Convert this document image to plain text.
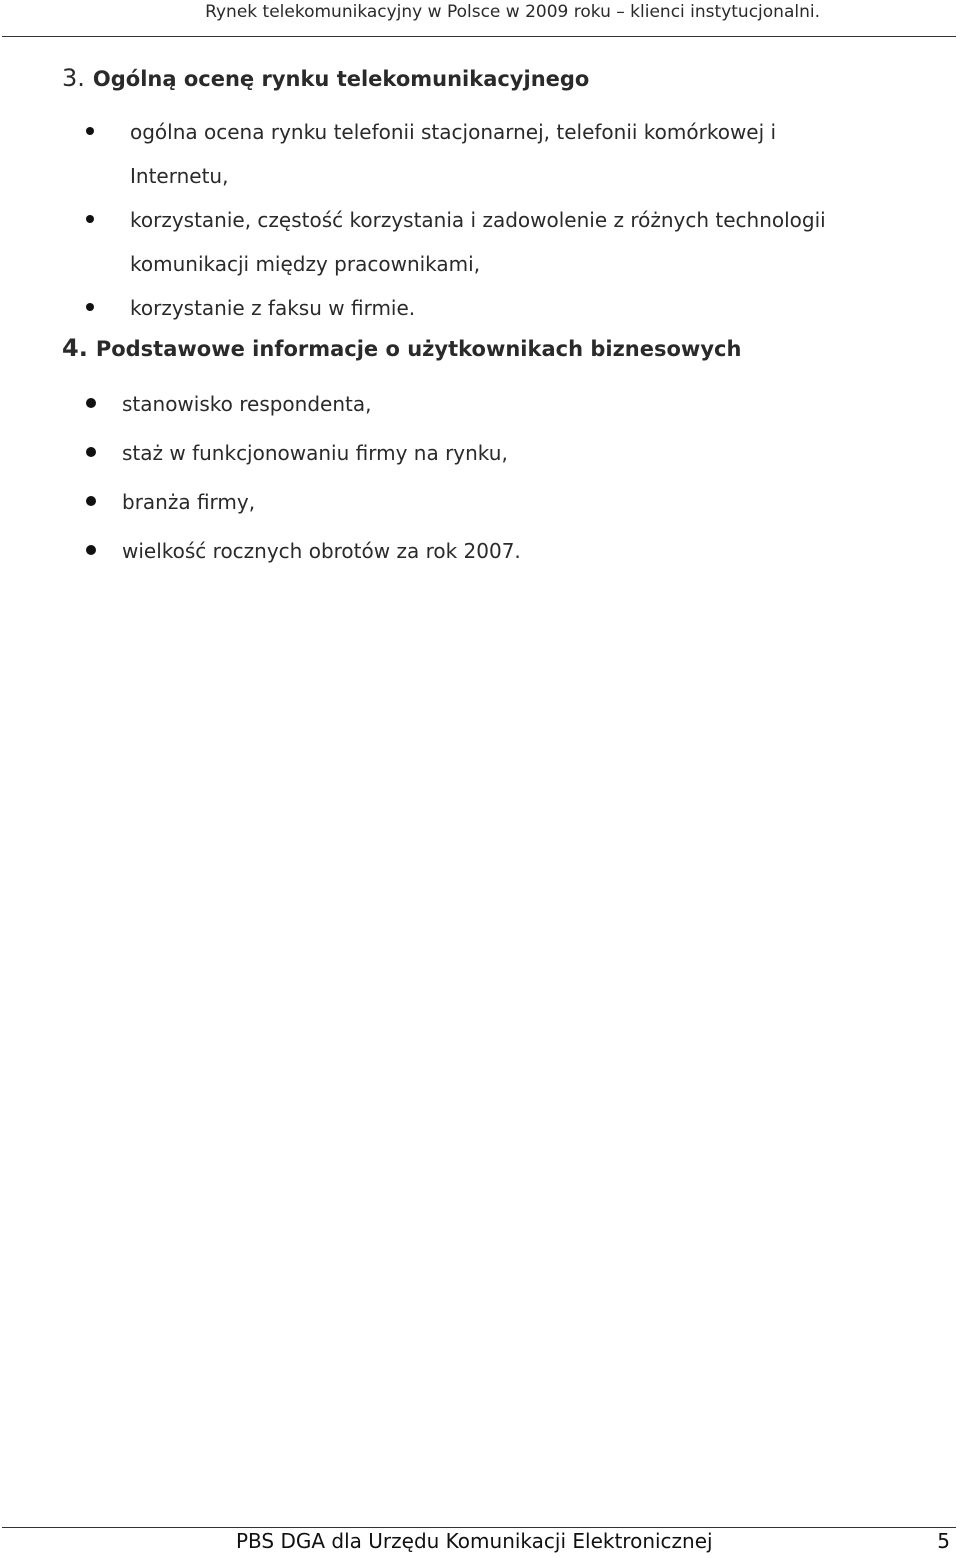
Rynek telekomunikacyjny w Polsce w 2009 roku – klienci instytucjonalni.
3. Ogólną ocenę rynku telekomunikacyjnego
ogólna ocena rynku telefonii stacjonarnej, telefonii komórkowej i
Internetu,
korzystanie, częstość korzystania i zadowolenie z różnych technologii
komunikacji między pracownikami,
korzystanie z faksu w firmie.
4. Podstawowe informacje o użytkownikach biznesowych
stanowisko respondenta,
staż w funkcjonowaniu firmy na rynku,
branża firmy,
wielkość rocznych obrotów za rok 2007.
PBS DGA dla Urzędu Komunikacji Elektronicznej	5
